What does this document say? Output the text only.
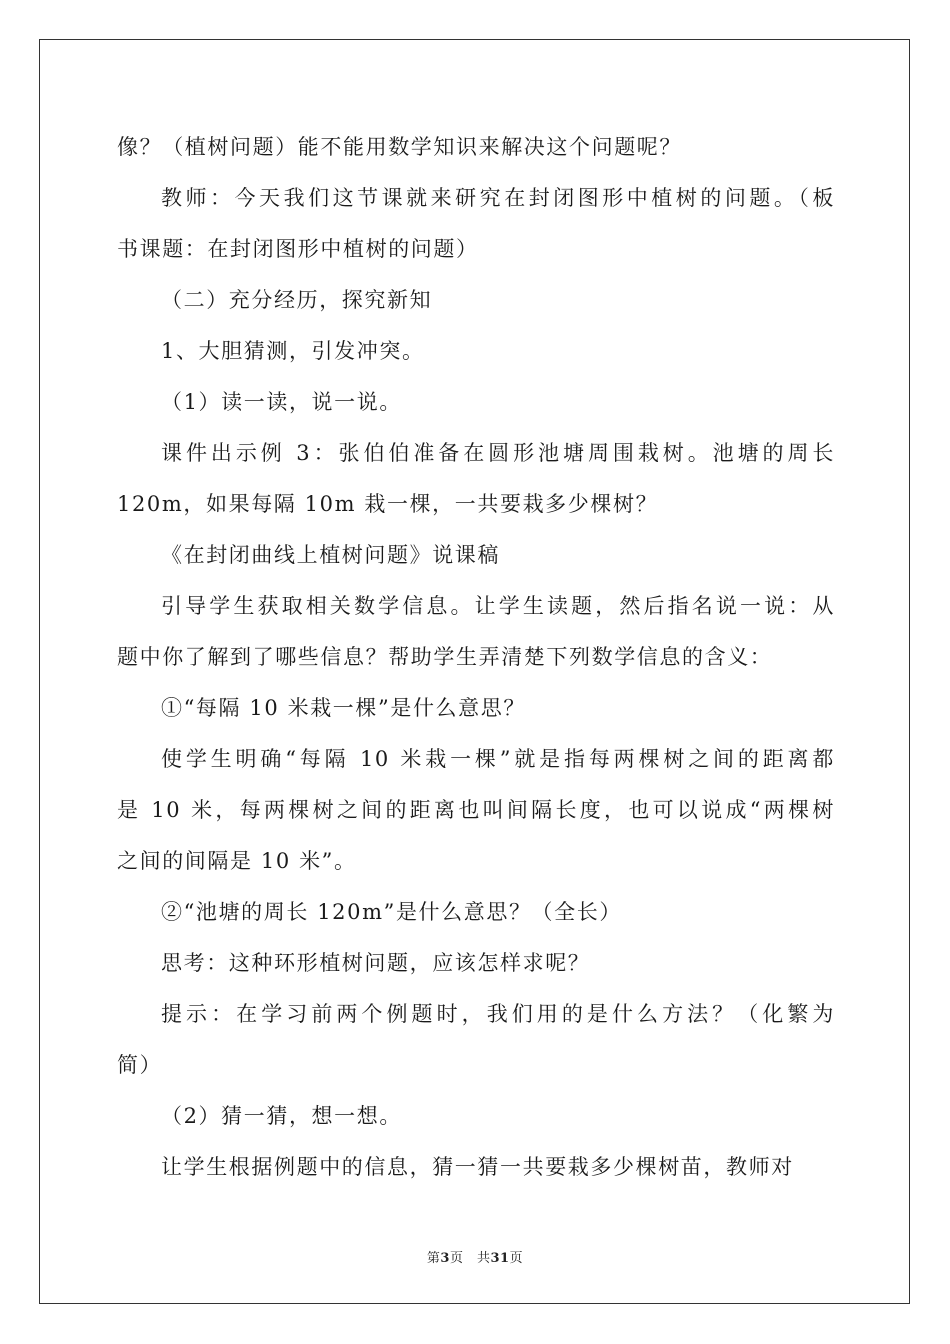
像？（植树问题）能不能用数学知识来解决这个问题呢？

教师：今天我们这节课就来研究在封闭图形中植树的问题。（板
书课题：在封闭图形中植树的问题）

（二）充分经历，探究新知

1、大胆猜测，引发冲突。

（1）读一读，说一说。

课件出示例 3：张伯伯准备在圆形池塘周围栽树。池塘的周长
120m，如果每隔 10m 栽一棵，一共要栽多少棵树？

《在封闭曲线上植树问题》说课稿

引导学生获取相关数学信息。让学生读题，然后指名说一说：从
题中你了解到了哪些信息？帮助学生弄清楚下列数学信息的含义：

①“每隔 10 米栽一棵”是什么意思？

使学生明确“每隔 10 米栽一棵”就是指每两棵树之间的距离都
是 10 米，每两棵树之间的距离也叫间隔长度，也可以说成“两棵树
之间的间隔是 10 米”。

②“池塘的周长 120m”是什么意思？（全长）

思考：这种环形植树问题，应该怎样求呢？

提示：在学习前两个例题时，我们用的是什么方法？（化繁为
简）

（2）猜一猜，想一想。

让学生根据例题中的信息，猜一猜一共要栽多少棵树苗，教师对

第3页　共31页
